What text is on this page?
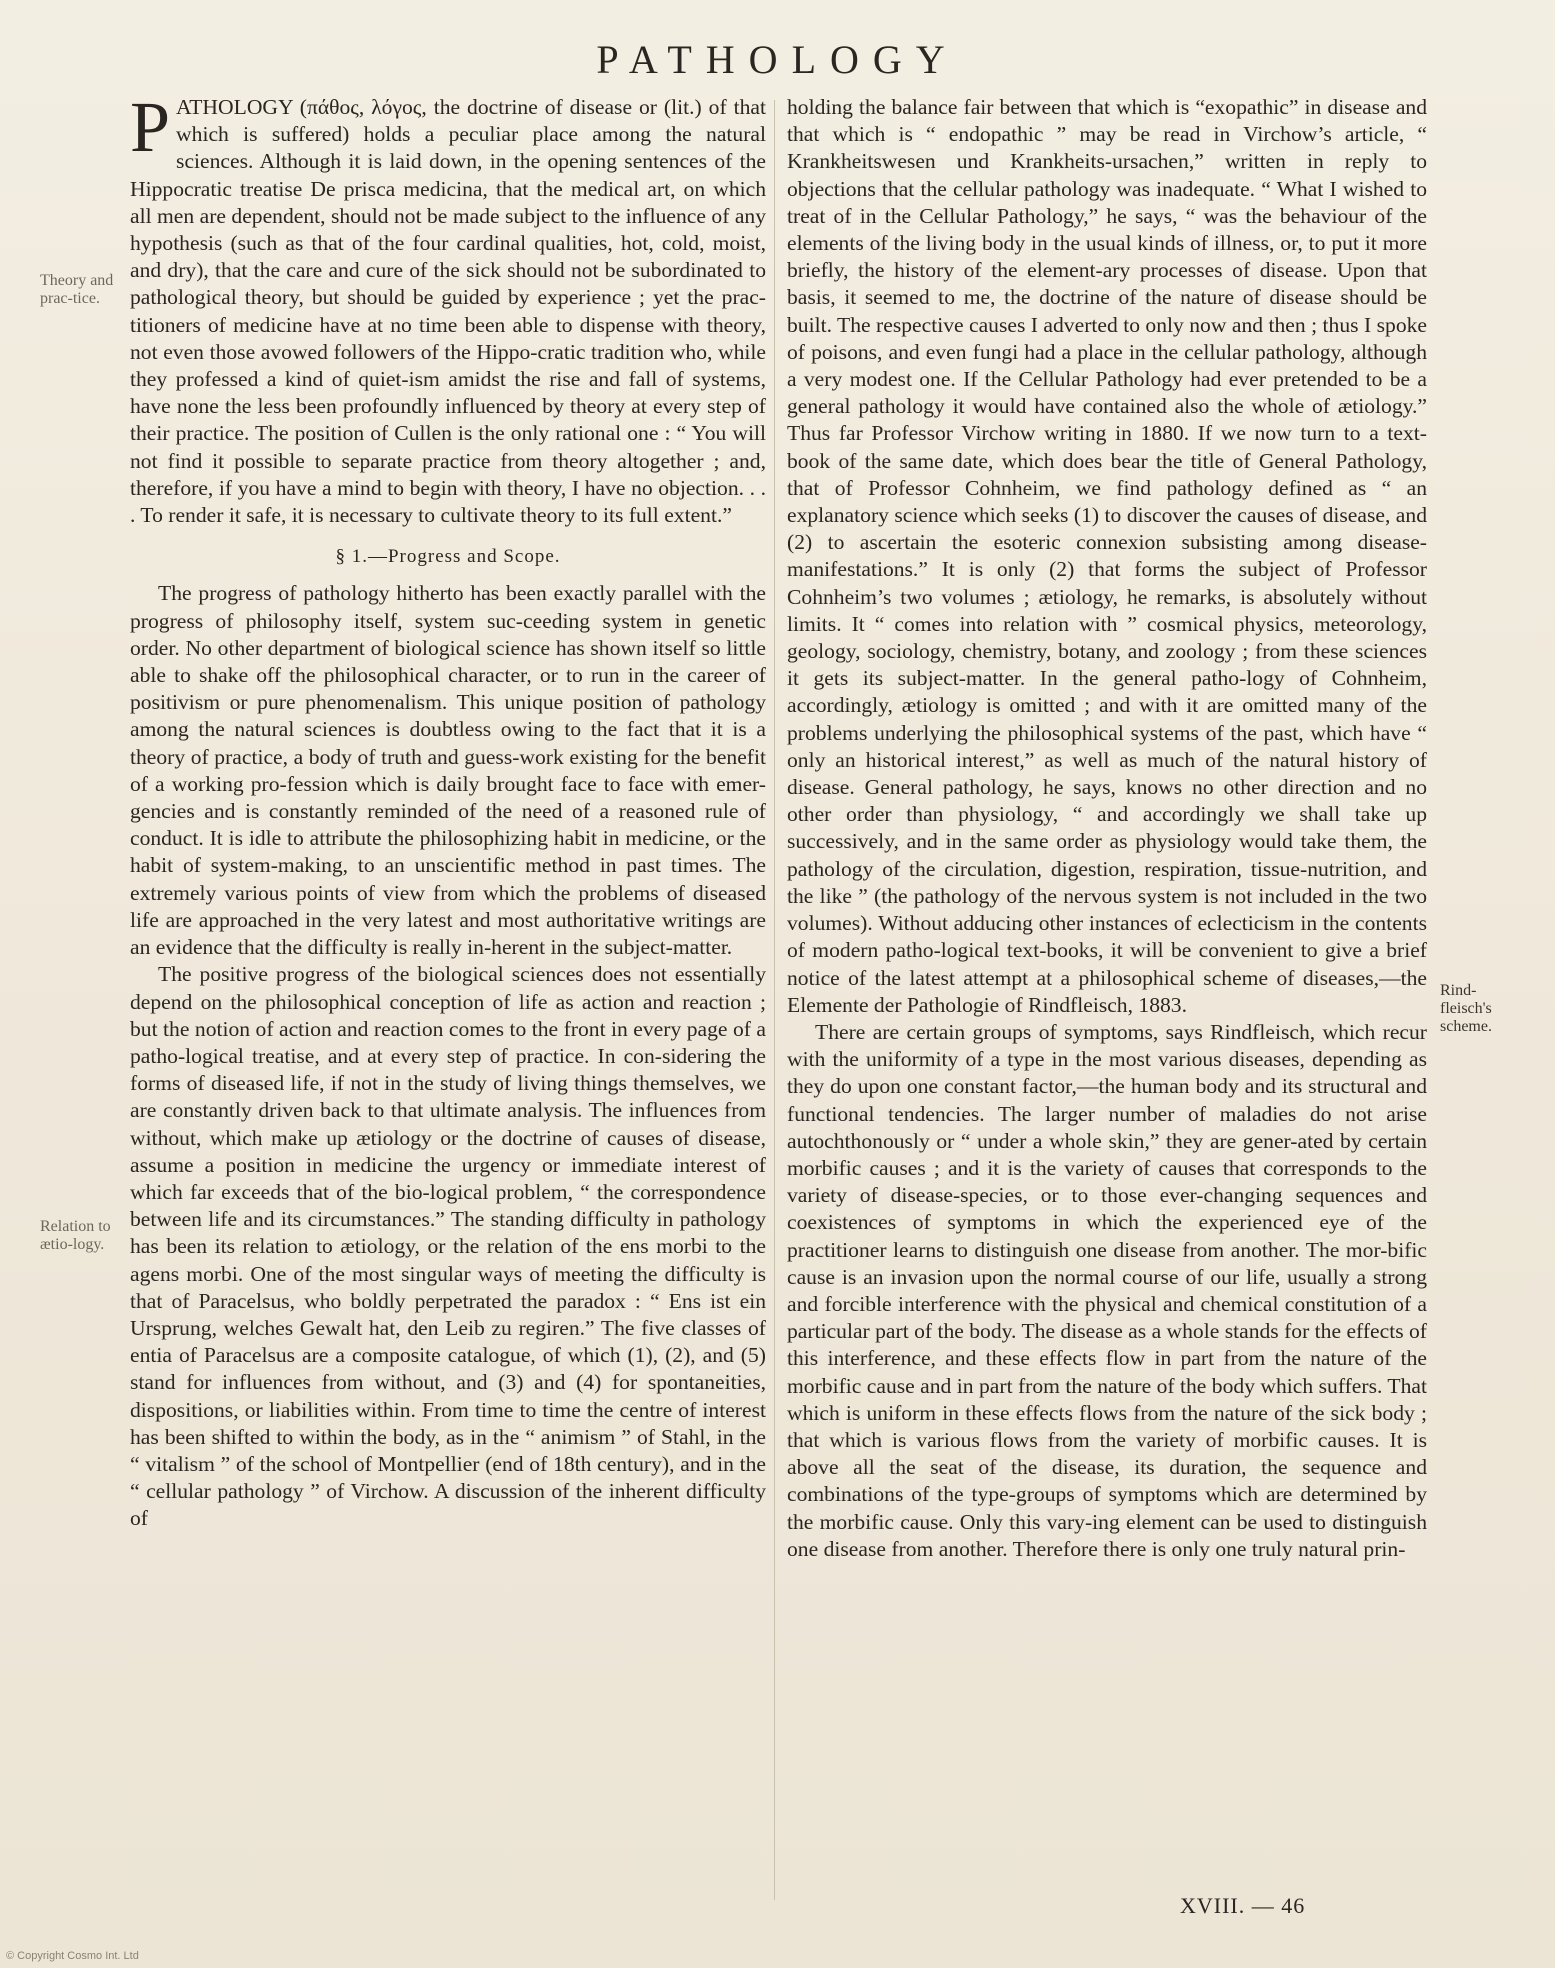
PATHOLOGY
Theory and prac-tice.
Relation to ætio-logy.
Rind-fleisch's scheme.

PATHOLOGY (πάθος, λόγος, the doctrine of disease or (lit.) of that which is suffered) holds a peculiar place among the natural sciences. Although it is laid down, in the opening sentences of the Hippocratic treatise De prisca medicina, that the medical art, on which all men are dependent, should not be made subject to the influence of any hypothesis (such as that of the four cardinal qualities, hot, cold, moist, and dry), that the care and cure of the sick should not be subordinated to pathological theory, but should be guided by experience ; yet the prac-titioners of medicine have at no time been able to dispense with theory, not even those avowed followers of the Hippo-cratic tradition who, while they professed a kind of quiet-ism amidst the rise and fall of systems, have none the less been profoundly influenced by theory at every step of their practice. The position of Cullen is the only rational one : “ You will not find it possible to separate practice from theory altogether ; and, therefore, if you have a mind to begin with theory, I have no objection. . . . To render it safe, it is necessary to cultivate theory to its full extent.”

§ 1.—Progress and Scope.

The progress of pathology hitherto has been exactly parallel with the progress of philosophy itself, system suc-ceeding system in genetic order. No other department of biological science has shown itself so little able to shake off the philosophical character, or to run in the career of positivism or pure phenomenalism. This unique position of pathology among the natural sciences is doubtless owing to the fact that it is a theory of practice, a body of truth and guess-work existing for the benefit of a working pro-fession which is daily brought face to face with emer-gencies and is constantly reminded of the need of a reasoned rule of conduct. It is idle to attribute the philosophizing habit in medicine, or the habit of system-making, to an unscientific method in past times. The extremely various points of view from which the problems of diseased life are approached in the very latest and most authoritative writings are an evidence that the difficulty is really in-herent in the subject-matter.

The positive progress of the biological sciences does not essentially depend on the philosophical conception of life as action and reaction ; but the notion of action and reaction comes to the front in every page of a patho-logical treatise, and at every step of practice. In con-sidering the forms of diseased life, if not in the study of living things themselves, we are constantly driven back to that ultimate analysis. The influences from without, which make up ætiology or the doctrine of causes of disease, assume a position in medicine the urgency or immediate interest of which far exceeds that of the bio-logical problem, “ the correspondence between life and its circumstances.” The standing difficulty in pathology has been its relation to ætiology, or the relation of the ens morbi to the agens morbi. One of the most singular ways of meeting the difficulty is that of Paracelsus, who boldly perpetrated the paradox : “ Ens ist ein Ursprung, welches Gewalt hat, den Leib zu regiren.” The five classes of entia of Paracelsus are a composite catalogue, of which (1), (2), and (5) stand for influences from without, and (3) and (4) for spontaneities, dispositions, or liabilities within. From time to time the centre of interest has been shifted to within the body, as in the “ animism ” of Stahl, in the “ vitalism ” of the school of Montpellier (end of 18th century), and in the “ cellular pathology ” of Virchow. A discussion of the inherent difficulty of

holding the balance fair between that which is “exopathic” in disease and that which is “ endopathic ” may be read in Virchow’s article, “ Krankheitswesen und Krankheits-ursachen,” written in reply to objections that the cellular pathology was inadequate. “ What I wished to treat of in the Cellular Pathology,” he says, “ was the behaviour of the elements of the living body in the usual kinds of illness, or, to put it more briefly, the history of the element-ary processes of disease. Upon that basis, it seemed to me, the doctrine of the nature of disease should be built. The respective causes I adverted to only now and then ; thus I spoke of poisons, and even fungi had a place in the cellular pathology, although a very modest one. If the Cellular Pathology had ever pretended to be a general pathology it would have contained also the whole of ætiology.” Thus far Professor Virchow writing in 1880. If we now turn to a text-book of the same date, which does bear the title of General Pathology, that of Professor Cohnheim, we find pathology defined as “ an explanatory science which seeks (1) to discover the causes of disease, and (2) to ascertain the esoteric connexion subsisting among disease-manifestations.” It is only (2) that forms the subject of Professor Cohnheim’s two volumes ; ætiology, he remarks, is absolutely without limits. It “ comes into relation with ” cosmical physics, meteorology, geology, sociology, chemistry, botany, and zoology ; from these sciences it gets its subject-matter. In the general patho-logy of Cohnheim, accordingly, ætiology is omitted ; and with it are omitted many of the problems underlying the philosophical systems of the past, which have “ only an historical interest,” as well as much of the natural history of disease. General pathology, he says, knows no other direction and no other order than physiology, “ and accordingly we shall take up successively, and in the same order as physiology would take them, the pathology of the circulation, digestion, respiration, tissue-nutrition, and the like ” (the pathology of the nervous system is not included in the two volumes). Without adducing other instances of eclecticism in the contents of modern patho-logical text-books, it will be convenient to give a brief notice of the latest attempt at a philosophical scheme of diseases,—the Elemente der Pathologie of Rindfleisch, 1883.

There are certain groups of symptoms, says Rindfleisch, which recur with the uniformity of a type in the most various diseases, depending as they do upon one constant factor,—the human body and its structural and functional tendencies. The larger number of maladies do not arise autochthonously or “ under a whole skin,” they are gener-ated by certain morbific causes ; and it is the variety of causes that corresponds to the variety of disease-species, or to those ever-changing sequences and coexistences of symptoms in which the experienced eye of the practitioner learns to distinguish one disease from another. The mor-bific cause is an invasion upon the normal course of our life, usually a strong and forcible interference with the physical and chemical constitution of a particular part of the body. The disease as a whole stands for the effects of this interference, and these effects flow in part from the nature of the morbific cause and in part from the nature of the body which suffers. That which is uniform in these effects flows from the nature of the sick body ; that which is various flows from the variety of morbific causes. It is above all the seat of the disease, its duration, the sequence and combinations of the type-groups of symptoms which are determined by the morbific cause. Only this vary-ing element can be used to distinguish one disease from another. Therefore there is only one truly natural prin-

XVIII. — 46
© Copyright Cosmo Int. Ltd
